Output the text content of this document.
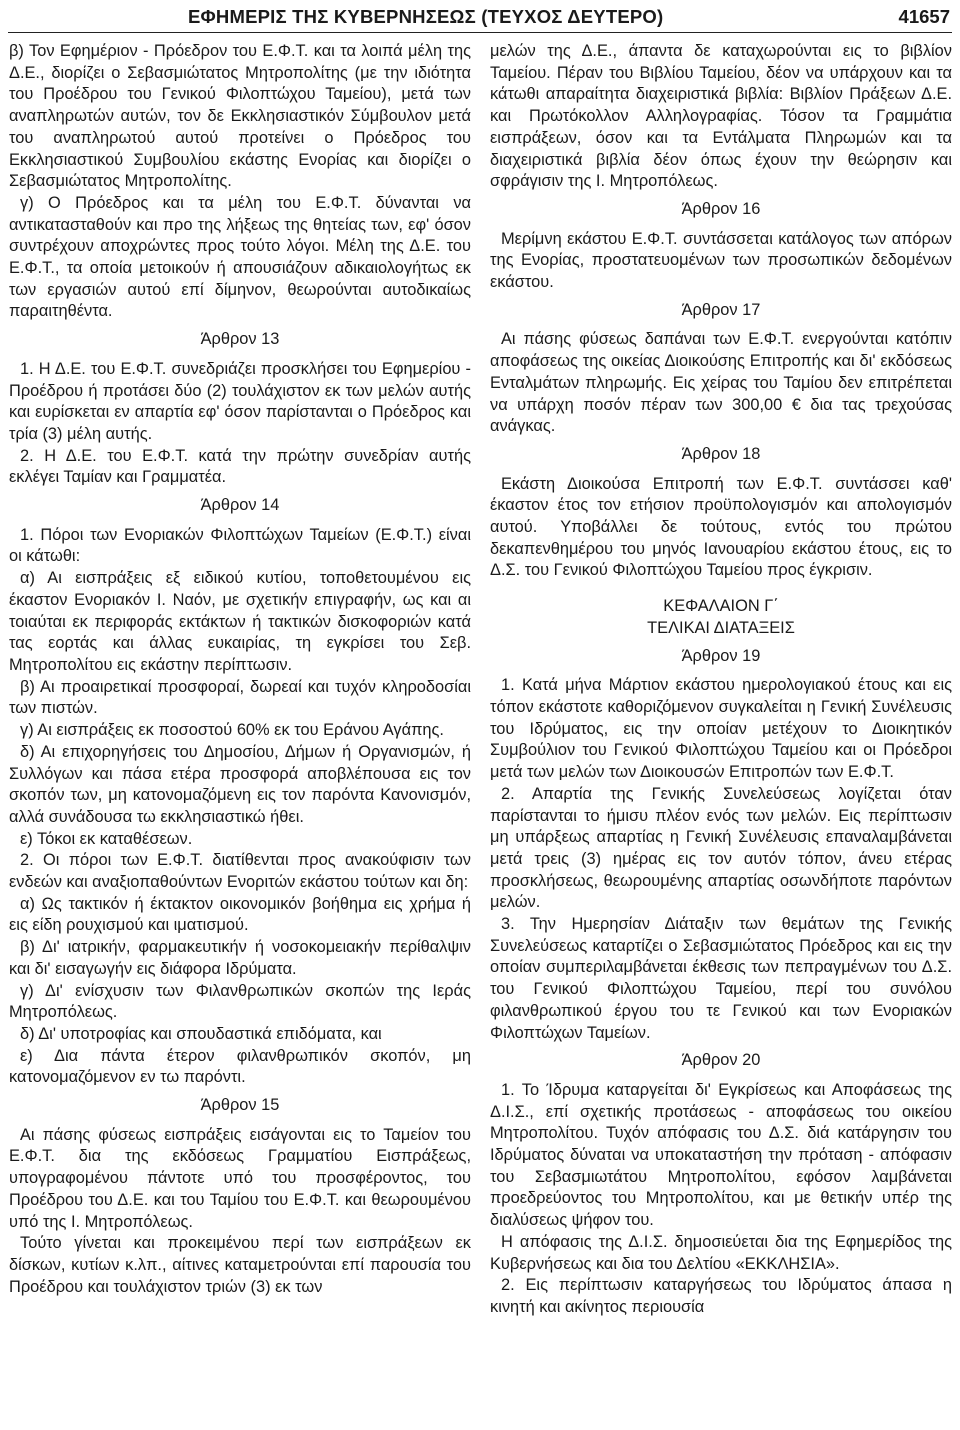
ΕΦΗΜΕΡΙΣ ΤΗΣ ΚΥΒΕΡΝΗΣΕΩΣ (ΤΕΥΧΟΣ ΔΕΥΤΕΡΟ)	41657

β) Τον Εφημέριον - Πρόεδρον του Ε.Φ.Τ. και τα λοιπά μέλη της Δ.Ε., διορίζει ο Σεβασμιώτατος Μητροπολίτης (με την ιδιότητα του Προέδρου του Γενικού Φιλοπτώχου Ταμείου), μετά των αναπληρωτών αυτών, τον δε Εκκλησιαστικόν Σύμβουλον μετά του αναπληρωτού αυτού προτείνει ο Πρόεδρος του Εκκλησιαστικού Συμβουλίου εκάστης Ενορίας και διορίζει ο Σεβασμιώτατος Μητροπολίτης.

γ) Ο Πρόεδρος και τα μέλη του Ε.Φ.Τ. δύνανται να αντικατασταθούν και προ της λήξεως της θητείας των, εφ' όσον συντρέχουν αποχρώντες προς τούτο λόγοι. Μέλη της Δ.Ε. του Ε.Φ.Τ., τα οποία μετοικούν ή απουσιάζουν αδικαιολογήτως εκ των εργασιών αυτού επί δίμηνον, θεωρούνται αυτοδικαίως παραιτηθέντα.

Άρθρον 13

1. Η Δ.Ε. του Ε.Φ.Τ. συνεδριάζει προσκλήσει του Εφημερίου - Προέδρου ή προτάσει δύο (2) τουλάχιστον εκ των μελών αυτής και ευρίσκεται εν απαρτία εφ' όσον παρίστανται ο Πρόεδρος και τρία (3) μέλη αυτής.

2. Η Δ.Ε. του Ε.Φ.Τ. κατά την πρώτην συνεδρίαν αυτής εκλέγει Ταμίαν και Γραμματέα.

Άρθρον 14

1. Πόροι των Ενοριακών Φιλοπτώχων Ταμείων (Ε.Φ.Τ.) είναι οι κάτωθι:

α) Αι εισπράξεις εξ ειδικού κυτίου, τοποθετουμένου εις έκαστον Ενοριακόν Ι. Ναόν, με σχετικήν επιγραφήν, ως και αι τοιαύται εκ περιφοράς εκτάκτων ή τακτικών δισκοφοριών κατά τας εορτάς και άλλας ευκαιρίας, τη εγκρίσει του Σεβ. Μητροπολίτου εις εκάστην περίπτωσιν.

β) Αι προαιρετικαί προσφοραί, δωρεαί και τυχόν κληροδοσίαι των πιστών.

γ) Αι εισπράξεις εκ ποσοστού 60% εκ του Εράνου Αγάπης.

δ) Αι επιχορηγήσεις του Δημοσίου, Δήμων ή Οργανισμών, ή Συλλόγων και πάσα ετέρα προσφορά αποβλέπουσα εις τον σκοπόν των, μη κατονομαζόμενη εις τον παρόντα Κανονισμόν, αλλά συνάδουσα τω εκκλησιαστικώ ήθει.

ε) Τόκοι εκ καταθέσεων.

2. Οι πόροι των Ε.Φ.Τ. διατίθενται προς ανακούφισιν των ενδεών και αναξιοπαθούντων Ενοριτών εκάστου τούτων και δη:

α) Ως τακτικόν ή έκτακτον οικονομικόν βοήθημα εις χρήμα ή εις είδη ρουχισμού και ιματισμού.

β) Δι' ιατρικήν, φαρμακευτικήν ή νοσοκομειακήν περίθαλψιν και δι' εισαγωγήν εις διάφορα Ιδρύματα.

γ) Δι' ενίσχυσιν των Φιλανθρωπικών σκοπών της Ιεράς Μητροπόλεως.

δ) Δι' υποτροφίας και σπουδαστικά επιδόματα, και

ε) Δια πάντα έτερον φιλανθρωπικόν σκοπόν, μη κατονομαζόμενον εν τω παρόντι.

Άρθρον 15

Αι πάσης φύσεως εισπράξεις εισάγονται εις το Ταμείον του Ε.Φ.Τ. δια της εκδόσεως Γραμματίου Εισπράξεως, υπογραφομένου πάντοτε υπό του προσφέροντος, του Προέδρου του Δ.Ε. και του Ταμίου του Ε.Φ.Τ. και θεωρουμένου υπό της Ι. Μητροπόλεως.

Τούτο γίνεται και προκειμένου περί των εισπράξεων εκ δίσκων, κυτίων κ.λπ., αίτινες καταμετρούνται επί παρουσία του Προέδρου και τουλάχιστον τριών (3) εκ των

μελών της Δ.Ε., άπαντα δε καταχωρούνται εις το βιβλίον Ταμείου. Πέραν του Βιβλίου Ταμείου, δέον να υπάρχουν και τα κάτωθι απαραίτητα διαχειριστικά βιβλία: Βιβλίον Πράξεων Δ.Ε. και Πρωτόκολλον Αλληλογραφίας. Τόσον τα Γραμμάτια εισπράξεων, όσον και τα Εντάλματα Πληρωμών και τα διαχειριστικά βιβλία δέον όπως έχουν την θεώρησιν και σφράγισιν της Ι. Μητροπόλεως.

Άρθρον 16

Μερίμνη εκάστου Ε.Φ.Τ. συντάσσεται κατάλογος των απόρων της Ενορίας, προστατευομένων των προσωπικών δεδομένων εκάστου.

Άρθρον 17

Αι πάσης φύσεως δαπάναι των Ε.Φ.Τ. ενεργούνται κατόπιν αποφάσεως της οικείας Διοικούσης Επιτροπής και δι' εκδόσεως Ενταλμάτων πληρωμής. Εις χείρας του Ταμίου δεν επιτρέπεται να υπάρχη ποσόν πέραν των 300,00 € δια τας τρεχούσας ανάγκας.

Άρθρον 18

Εκάστη Διοικούσα Επιτροπή των Ε.Φ.Τ. συντάσσει καθ' έκαστον έτος τον ετήσιον προϋπολογισμόν και απολογισμόν αυτού. Υποβάλλει δε τούτους, εντός του πρώτου δεκαπενθημέρου του μηνός Ιανουαρίου εκάστου έτους, εις το Δ.Σ. του Γενικού Φιλοπτώχου Ταμείου προς έγκρισιν.

ΚΕΦΑΛΑΙΟΝ Γ΄

ΤΕΛΙΚΑΙ ΔΙΑΤΑΞΕΙΣ

Άρθρον 19

1. Κατά μήνα Μάρτιον εκάστου ημερολογιακού έτους και εις τόπον εκάστοτε καθοριζόμενον συγκαλείται η Γενική Συνέλευσις του Ιδρύματος, εις την οποίαν μετέχουν το Διοικητικόν Συμβούλιον του Γενικού Φιλοπτώχου Ταμείου και οι Πρόεδροι μετά των μελών των Διοικουσών Επιτροπών των Ε.Φ.Τ.

2. Απαρτία της Γενικής Συνελεύσεως λογίζεται όταν παρίστανται το ήμισυ πλέον ενός των μελών. Εις περίπτωσιν μη υπάρξεως απαρτίας η Γενική Συνέλευσις επαναλαμβάνεται μετά τρεις (3) ημέρας εις τον αυτόν τόπον, άνευ ετέρας προσκλήσεως, θεωρουμένης απαρτίας οσωνδήποτε παρόντων μελών.

3. Την Ημερησίαν Διάταξιν των θεμάτων της Γενικής Συνελεύσεως καταρτίζει ο Σεβασμιώτατος Πρόεδρος και εις την οποίαν συμπεριλαμβάνεται έκθεσις των πεπραγμένων του Δ.Σ. του Γενικού Φιλοπτώχου Ταμείου, περί του συνόλου φιλανθρωπικού έργου του τε Γενικού και των Ενοριακών Φιλοπτώχων Ταμείων.

Άρθρον 20

1. Το Ίδρυμα καταργείται δι' Εγκρίσεως και Αποφάσεως της Δ.Ι.Σ., επί σχετικής προτάσεως - αποφάσεως του οικείου Μητροπολίτου. Τυχόν απόφασις του Δ.Σ. διά κατάργησιν του Ιδρύματος δύναται να υποκαταστήση την πρόταση - απόφασιν του Σεβασμιωτάτου Μητροπολίτου, εφόσον λαμβάνεται προεδρεύοντος του Μητροπολίτου, και με θετικήν υπέρ της διαλύσεως ψήφον του.

Η απόφασις της Δ.Ι.Σ. δημοσιεύεται δια της Εφημερίδος της Κυβερνήσεως και δια του Δελτίου «ΕΚΚΛΗΣΙΑ».

2. Εις περίπτωσιν καταργήσεως του Ιδρύματος άπασα η κινητή και ακίνητος περιουσία
